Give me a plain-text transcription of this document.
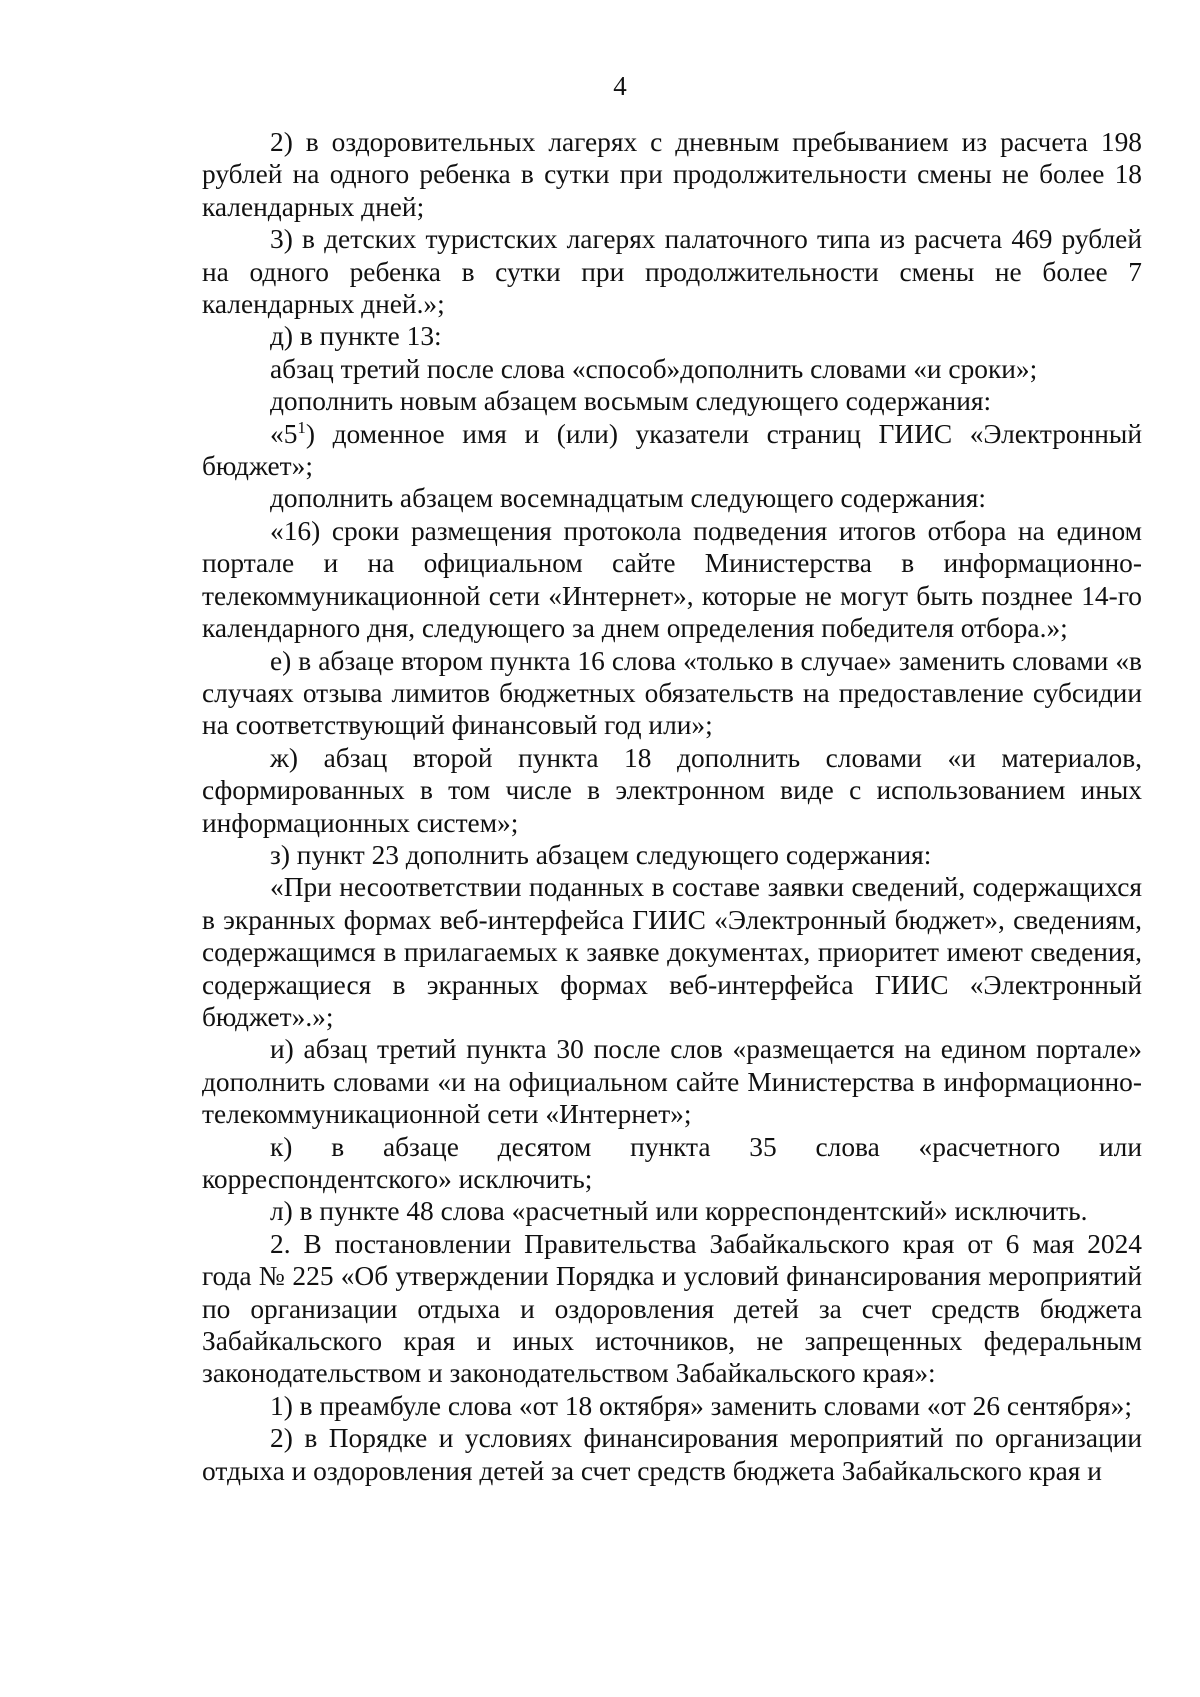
4

2) в оздоровительных лагерях с дневным пребыванием из расчета 198 рублей на одного ребенка в сутки при продолжительности смены не более 18 календарных дней;

3) в детских туристских лагерях палаточного типа из расчета 469 рублей на одного ребенка в сутки при продолжительности смены не более 7 календарных дней.»;

д) в пункте 13:

абзац третий после слова «способ»дополнить словами «и сроки»;

дополнить новым абзацем восьмым следующего содержания:

«$5^1$) доменное имя и (или) указатели страниц ГИИС «Электронный бюджет»;

дополнить абзацем восемнадцатым следующего содержания:

«16) сроки размещения протокола подведения итогов отбора на едином портале и на официальном сайте Министерства в информационно-телекоммуникационной сети «Интернет», которые не могут быть позднее 14-го календарного дня, следующего за днем определения победителя отбора.»;

е) в абзаце втором пункта 16 слова «только в случае» заменить словами «в случаях отзыва лимитов бюджетных обязательств на предоставление субсидии на соответствующий финансовый год или»;

ж) абзац второй пункта 18 дополнить словами «и материалов, сформированных в том числе в электронном виде с использованием иных информационных систем»;

з) пункт 23 дополнить абзацем следующего содержания:

«При несоответствии поданных в составе заявки сведений, содержащихся в экранных формах веб-интерфейса ГИИС «Электронный бюджет», сведениям, содержащимся в прилагаемых к заявке документах, приоритет имеют сведения, содержащиеся в экранных формах веб-интерфейса ГИИС «Электронный бюджет».»;

и) абзац третий пункта 30 после слов «размещается на едином портале» дополнить словами «и на официальном сайте Министерства в информационно-телекоммуникационной сети «Интернет»;

к) в абзаце десятом пункта 35 слова «расчетного или корреспондентского» исключить;

л) в пункте 48 слова «расчетный или корреспондентский» исключить.

2. В постановлении Правительства Забайкальского края от 6 мая 2024 года № 225 «Об утверждении Порядка и условий финансирования мероприятий по организации отдыха и оздоровления детей за счет средств бюджета Забайкальского края и иных источников, не запрещенных федеральным законодательством и законодательством Забайкальского края»:

1) в преамбуле слова «от 18 октября» заменить словами «от 26 сентября»;

2) в Порядке и условиях финансирования мероприятий по организации отдыха и оздоровления детей за счет средств бюджета Забайкальского края и
